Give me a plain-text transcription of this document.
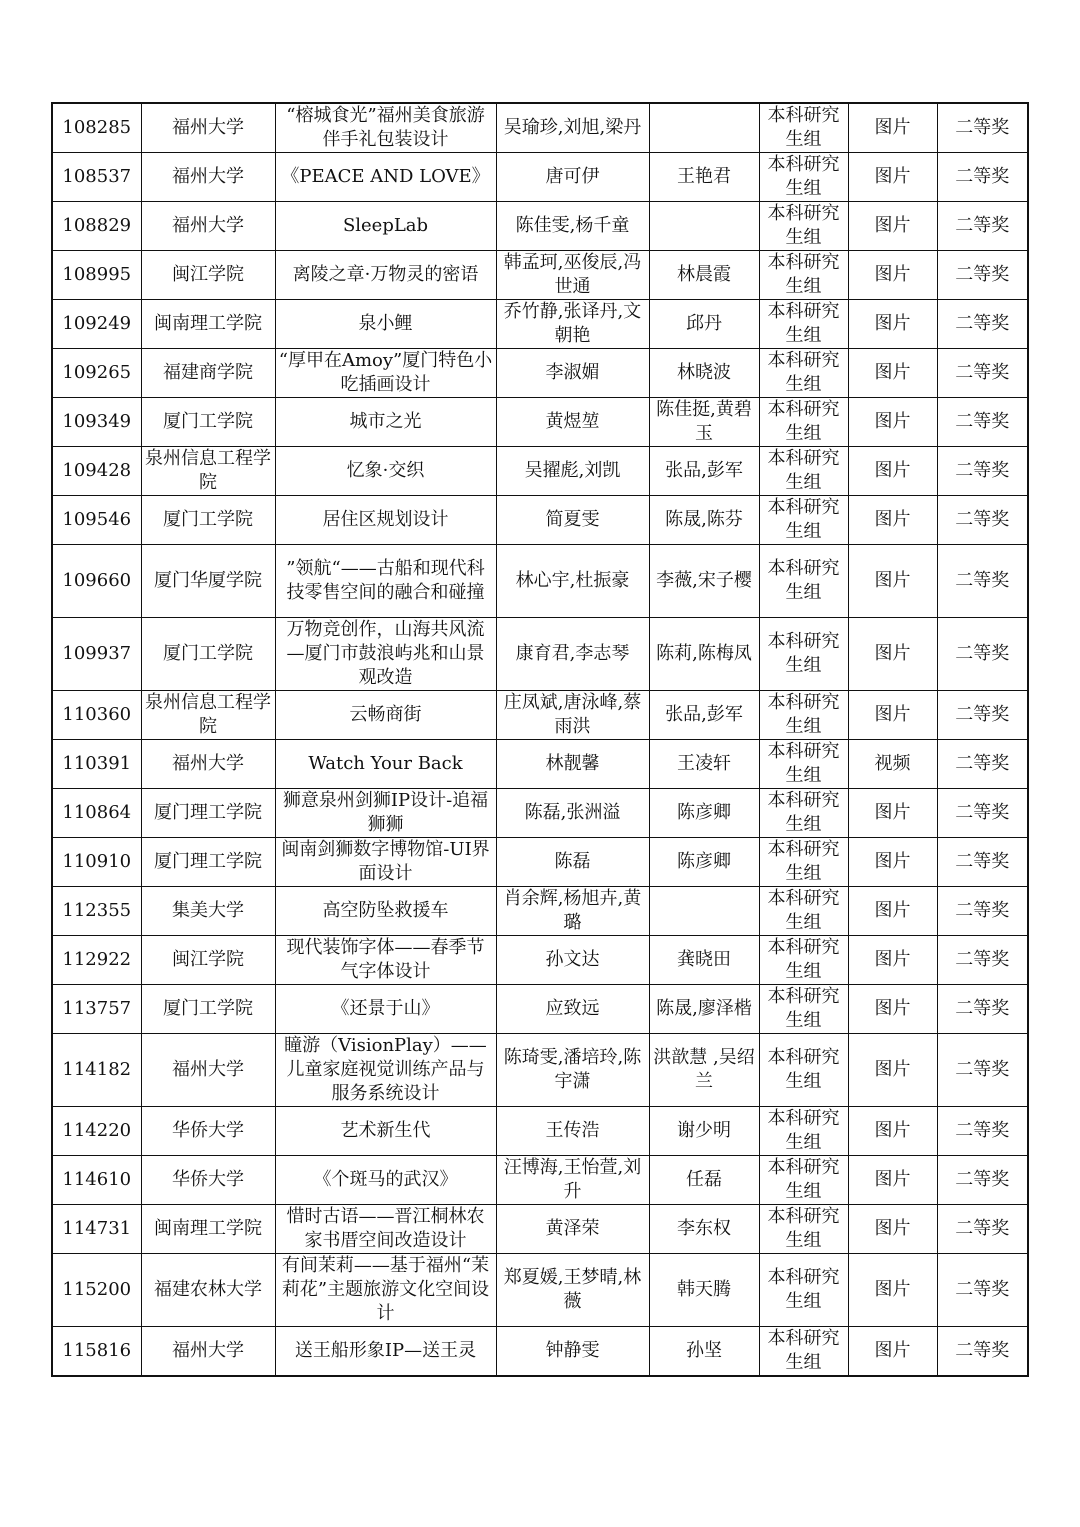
108285	福州大学	“榕城食光”福州美食旅游伴手礼包装设计	吴瑜珍,刘旭,梁丹		本科研究生组	图片	二等奖
108537	福州大学	《PEACE AND LOVE》	唐可伊	王艳君	本科研究生组	图片	二等奖
108829	福州大学	SleepLab	陈佳雯,杨千童		本科研究生组	图片	二等奖
108995	闽江学院	离陵之章·万物灵的密语	韩孟珂,巫俊辰,冯世通	林晨霞	本科研究生组	图片	二等奖
109249	闽南理工学院	泉小鲤	乔竹静,张译丹,文朝艳	邱丹	本科研究生组	图片	二等奖
109265	福建商学院	“厚甲在Amoy”厦门特色小吃插画设计	李淑媚	林晓波	本科研究生组	图片	二等奖
109349	厦门工学院	城市之光	黄煜堃	陈佳挺,黄碧玉	本科研究生组	图片	二等奖
109428	泉州信息工程学院	忆象·交织	吴擢彪,刘凯	张品,彭军	本科研究生组	图片	二等奖
109546	厦门工学院	居住区规划设计	简夏雯	陈晟,陈芬	本科研究生组	图片	二等奖
109660	厦门华厦学院	”领航“——古船和现代科技零售空间的融合和碰撞	林心宇,杜振豪	李薇,宋子樱	本科研究生组	图片	二等奖
109937	厦门工学院	万物竞创作，山海共风流—厦门市鼓浪屿兆和山景观改造	康育君,李志琴	陈莉,陈梅凤	本科研究生组	图片	二等奖
110360	泉州信息工程学院	云畅商街	庄凤斌,唐泳峰,蔡雨洪	张品,彭军	本科研究生组	图片	二等奖
110391	福州大学	Watch Your Back	林靓馨	王凌轩	本科研究生组	视频	二等奖
110864	厦门理工学院	狮意泉州剑狮IP设计-追福狮狮	陈磊,张洲溢	陈彦卿	本科研究生组	图片	二等奖
110910	厦门理工学院	闽南剑狮数字博物馆-UI界面设计	陈磊	陈彦卿	本科研究生组	图片	二等奖
112355	集美大学	高空防坠救援车	肖余辉,杨旭卉,黄璐		本科研究生组	图片	二等奖
112922	闽江学院	现代装饰字体——春季节气字体设计	孙文达	龚晓田	本科研究生组	图片	二等奖
113757	厦门工学院	《还景于山》	应致远	陈晟,廖泽楷	本科研究生组	图片	二等奖
114182	福州大学	瞳游（VisionPlay）——儿童家庭视觉训练产品与服务系统设计	陈琦雯,潘培玲,陈宇潇	洪歆慧 ,吴绍兰	本科研究生组	图片	二等奖
114220	华侨大学	艺术新生代	王传浩	谢少明	本科研究生组	图片	二等奖
114610	华侨大学	《个斑马的武汉》	汪博海,王怡萱,刘升	任磊	本科研究生组	图片	二等奖
114731	闽南理工学院	惜时古语——晋江桐林农家书厝空间改造设计	黄泽荣	李东权	本科研究生组	图片	二等奖
115200	福建农林大学	有间茉莉——基于福州“茉莉花”主题旅游文化空间设计	郑夏媛,王梦晴,林薇	韩天腾	本科研究生组	图片	二等奖
115816	福州大学	送王船形象IP—送王灵	钟静雯	孙坚	本科研究生组	图片	二等奖
